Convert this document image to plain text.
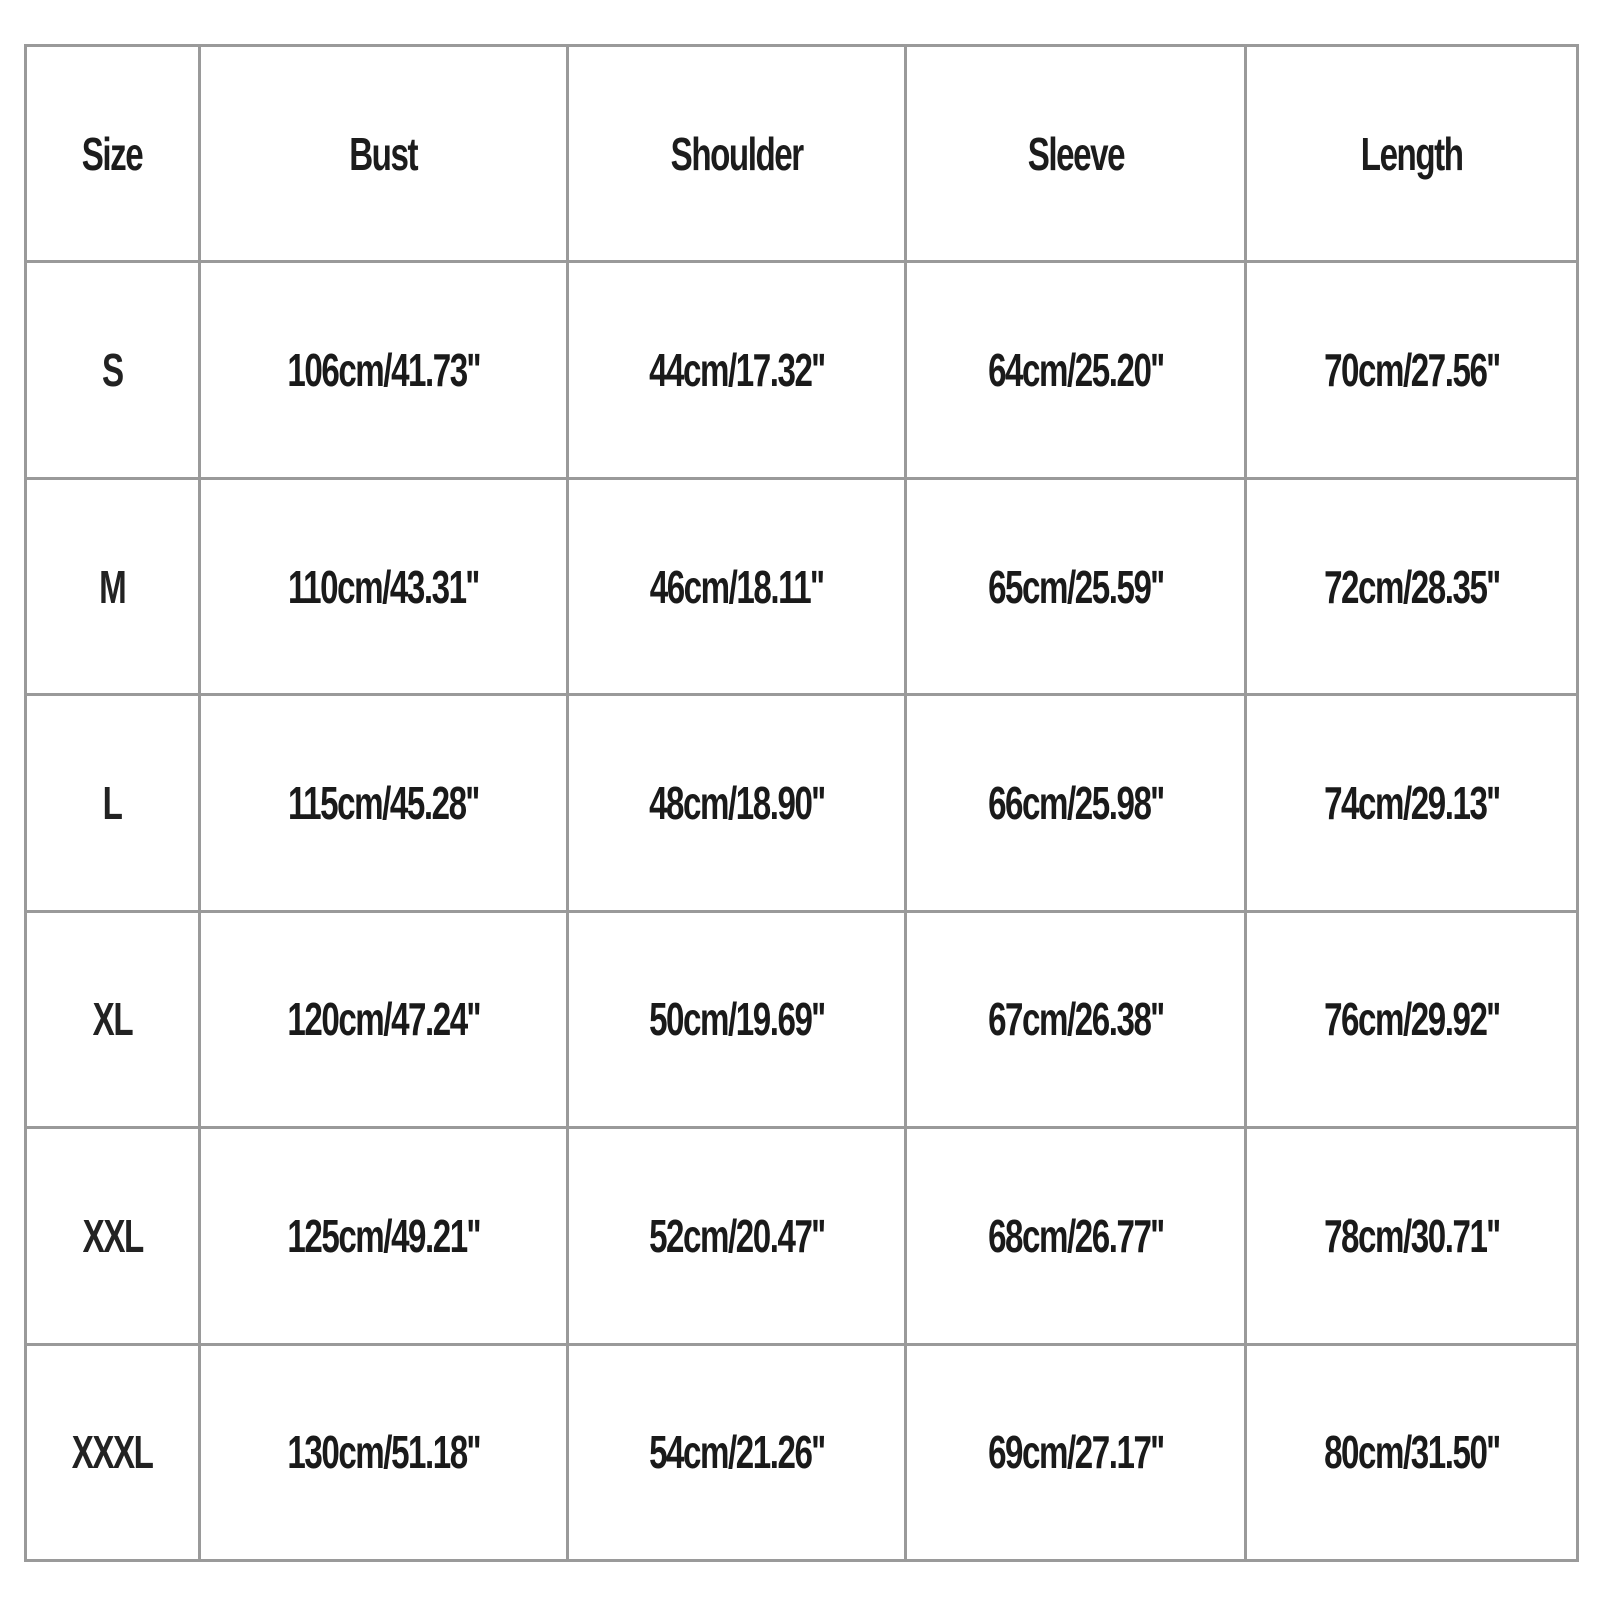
Size	Bust	Shoulder	Sleeve	Length
S	106cm/41.73''	44cm/17.32''	64cm/25.20''	70cm/27.56''
M	110cm/43.31''	46cm/18.11''	65cm/25.59''	72cm/28.35''
L	115cm/45.28''	48cm/18.90''	66cm/25.98''	74cm/29.13''
XL	120cm/47.24''	50cm/19.69''	67cm/26.38''	76cm/29.92''
XXL	125cm/49.21''	52cm/20.47''	68cm/26.77''	78cm/30.71''
XXXL	130cm/51.18''	54cm/21.26''	69cm/27.17''	80cm/31.50''
